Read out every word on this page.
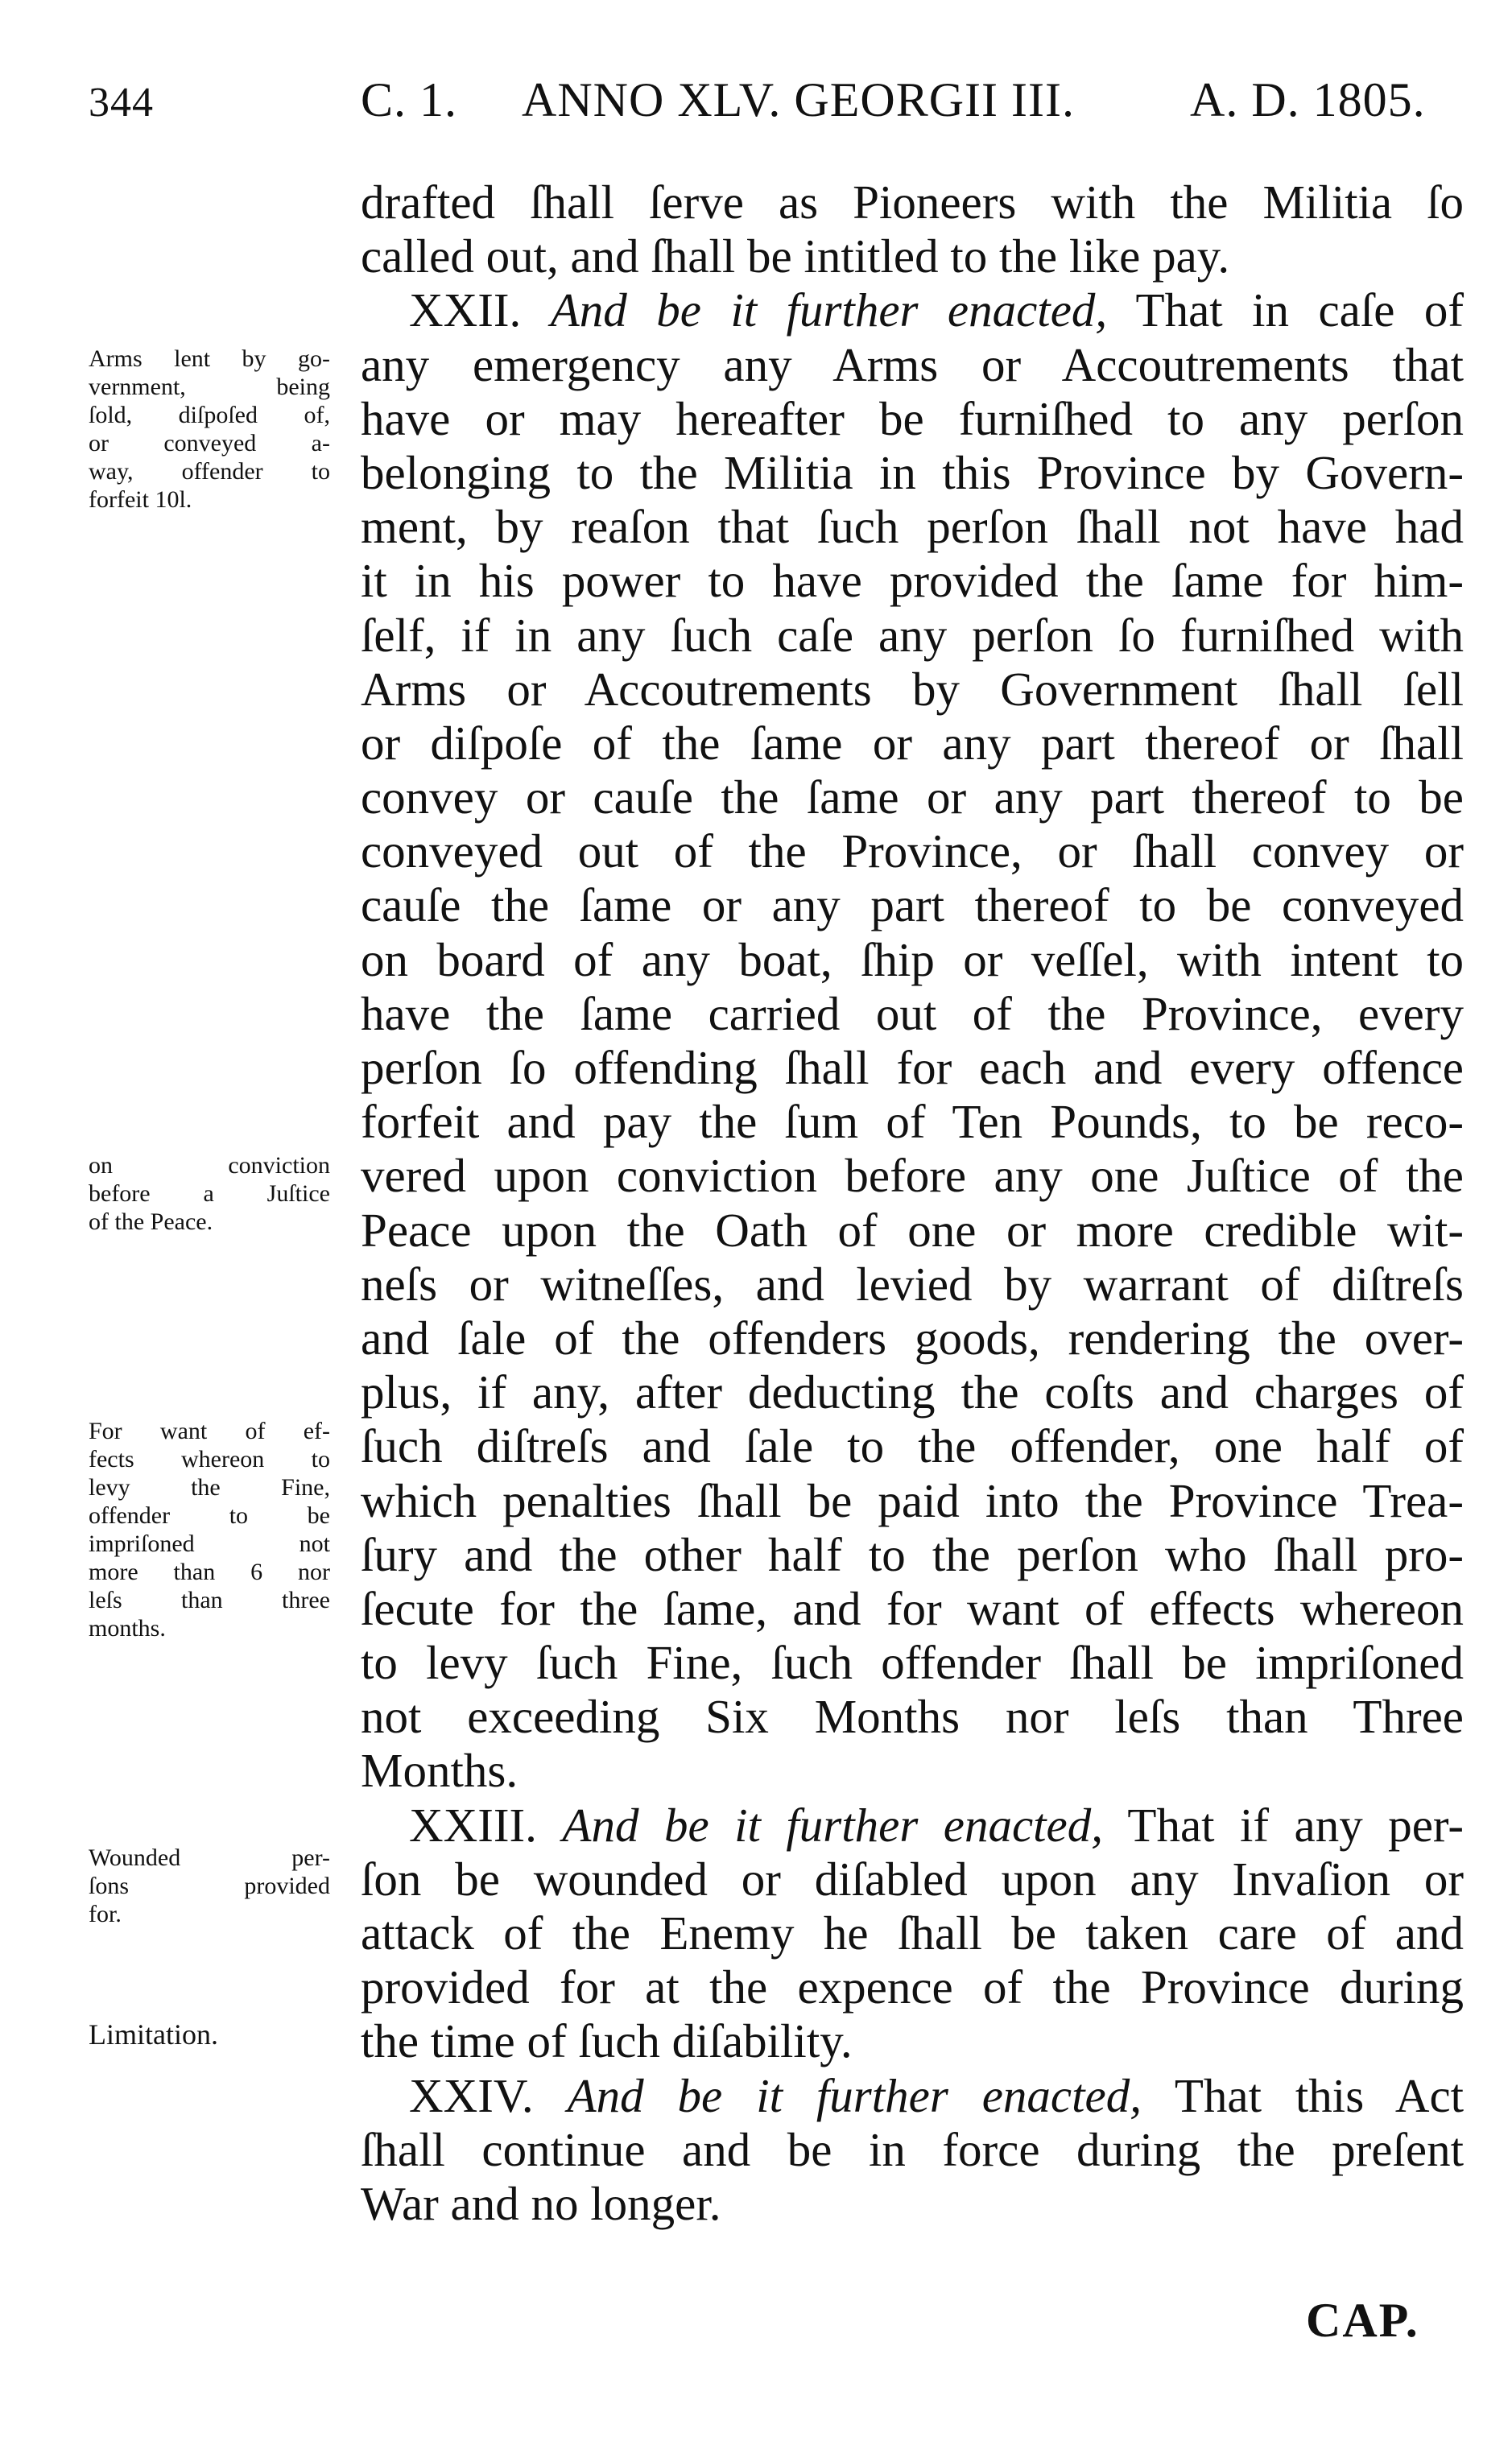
344	C. 1. ANNO XLV. GEORGII III. A. D. 1805.
drafted ſhall ſerve as Pioneers with the Militia ſo
called out, and ſhall be intitled to the like pay.
XXII. And be it further enacted, That in caſe of
any emergency any Arms or Accoutrements that
have or may hereafter be furniſhed to any perſon
belonging to the Militia in this Province by Govern-
ment, by reaſon that ſuch perſon ſhall not have had
it in his power to have provided the ſame for him-
ſelf, if in any ſuch caſe any perſon ſo furniſhed with
Arms or Accoutrements by Government ſhall ſell
or diſpoſe of the ſame or any part thereof or ſhall
convey or cauſe the ſame or any part thereof to be
conveyed out of the Province, or ſhall convey or
cauſe the ſame or any part thereof to be conveyed
on board of any boat, ſhip or veſſel, with intent to
have the ſame carried out of the Province, every
perſon ſo offending ſhall for each and every offence
forfeit and pay the ſum of Ten Pounds, to be reco-
vered upon conviction before any one Juſtice of the
Peace upon the Oath of one or more credible wit-
neſs or witneſſes, and levied by warrant of diſtreſs
and ſale of the offenders goods, rendering the over-
plus, if any, after deducting the coſts and charges of
ſuch diſtreſs and ſale to the offender, one half of
which penalties ſhall be paid into the Province Trea-
ſury and the other half to the perſon who ſhall pro-
ſecute for the ſame, and for want of effects whereon
to levy ſuch Fine, ſuch offender ſhall be impriſoned
not exceeding Six Months nor leſs than Three
Months.
XXIII. And be it further enacted, That if any per-
ſon be wounded or diſabled upon any Invaſion or
attack of the Enemy he ſhall be taken care of and
provided for at the expence of the Province during
the time of ſuch diſability.
XXIV. And be it further enacted, That this Act
ſhall continue and be in force during the preſent
War and no longer.
Arms lent by go-
vernment, being
ſold, diſpoſed of,
or conveyed a-
way, offender to
forfeit 10l.
on conviction
before a Juſtice
of the Peace.
For want of ef-
fects whereon to
levy the Fine,
offender to be
impriſoned not
more than 6 nor
leſs than three
months.
Wounded per-
ſons provided
for.
Limitation.
CAP.
